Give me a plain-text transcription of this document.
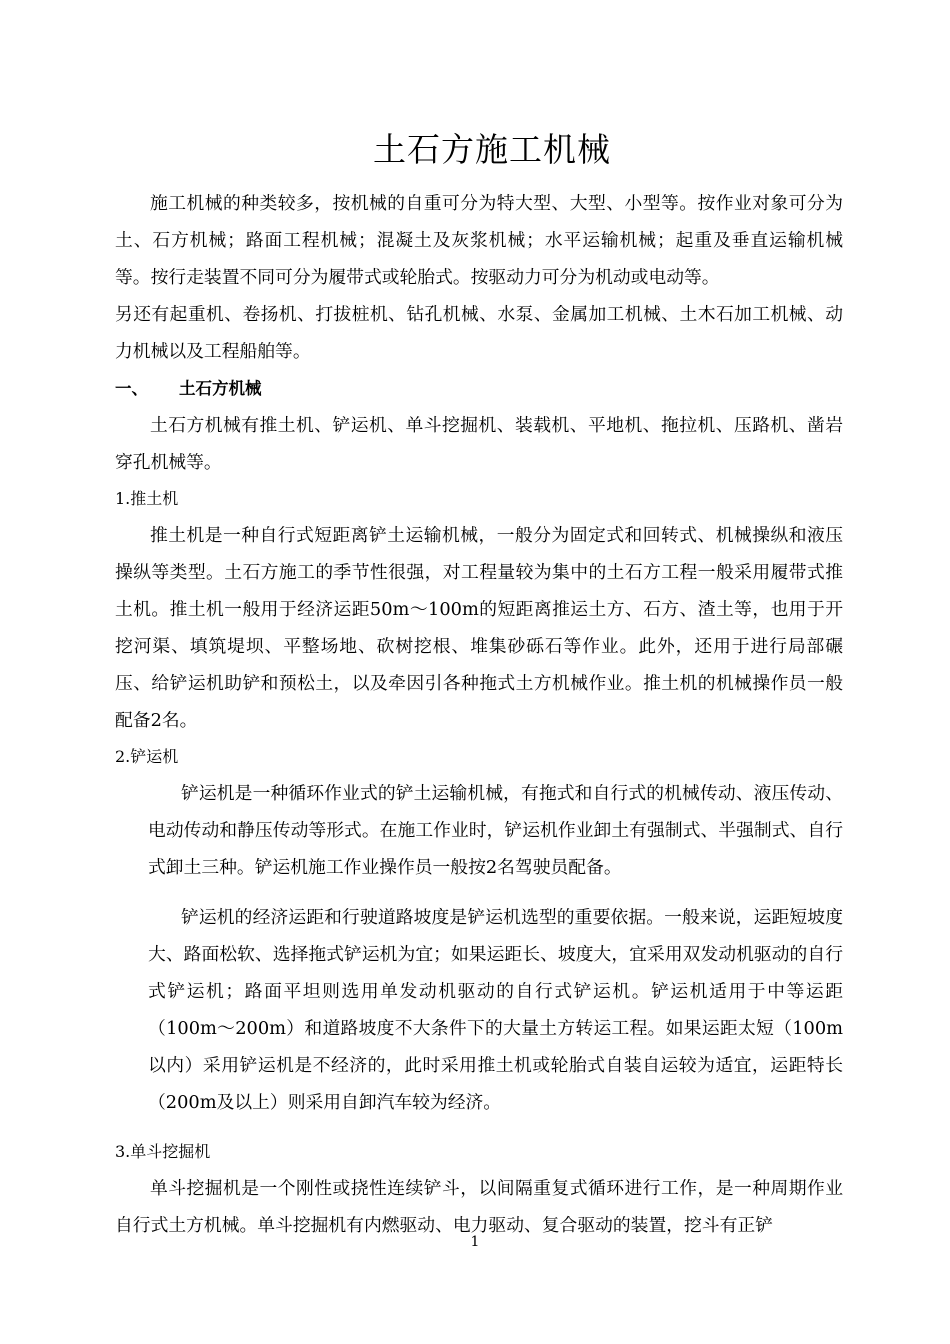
土石方施工机械

施工机械的种类较多，按机械的自重可分为特大型、大型、小型等。按作业对象可分为土、石方机械；路面工程机械；混凝土及灰浆机械；水平运输机械；起重及垂直运输机械等。按行走装置不同可分为履带式或轮胎式。按驱动力可分为机动或电动等。

另还有起重机、卷扬机、打拔桩机、钻孔机械、水泵、金属加工机械、土木石加工机械、动力机械以及工程船舶等。

一、 土石方机械

土石方机械有推土机、铲运机、单斗挖掘机、装载机、平地机、拖拉机、压路机、凿岩穿孔机械等。

1.推土机

推土机是一种自行式短距离铲土运输机械，一般分为固定式和回转式、机械操纵和液压操纵等类型。土石方施工的季节性很强，对工程量较为集中的土石方工程一般采用履带式推土机。推土机一般用于经济运距50m～100m的短距离推运土方、石方、渣土等，也用于开挖河渠、填筑堤坝、平整场地、砍树挖根、堆集砂砾石等作业。此外，还用于进行局部碾压、给铲运机助铲和预松土，以及牵因引各种拖式土方机械作业。推土机的机械操作员一般配备2名。

2.铲运机

铲运机是一种循环作业式的铲土运输机械，有拖式和自行式的机械传动、液压传动、电动传动和静压传动等形式。在施工作业时，铲运机作业卸土有强制式、半强制式、自行式卸土三种。铲运机施工作业操作员一般按2名驾驶员配备。

铲运机的经济运距和行驶道路坡度是铲运机选型的重要依据。一般来说，运距短坡度大、路面松软、选择拖式铲运机为宜；如果运距长、坡度大，宜采用双发动机驱动的自行式铲运机；路面平坦则选用单发动机驱动的自行式铲运机。铲运机适用于中等运距（100m～200m）和道路坡度不大条件下的大量土方转运工程。如果运距太短（100m以内）采用铲运机是不经济的，此时采用推土机或轮胎式自装自运较为适宜，运距特长（200m及以上）则采用自卸汽车较为经济。

3.单斗挖掘机

单斗挖掘机是一个刚性或挠性连续铲斗，以间隔重复式循环进行工作，是一种周期作业自行式土方机械。单斗挖掘机有内燃驱动、电力驱动、复合驱动的装置，挖斗有正铲

1
